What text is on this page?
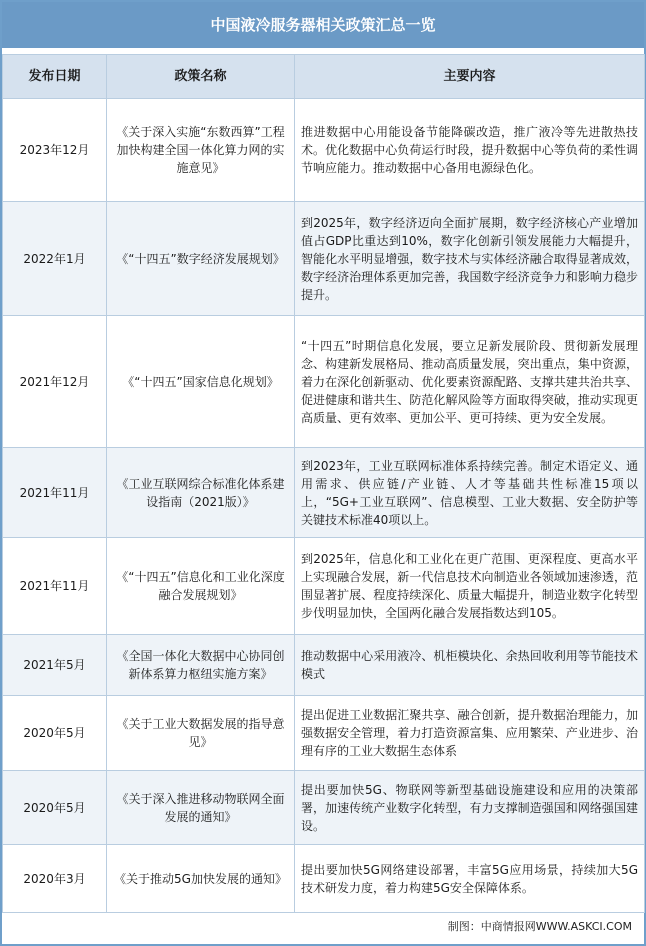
中国液冷服务器相关政策汇总一览
发布日期	政策名称	主要内容
2023年12月	《关于深入实施“东数西算”工程加快构建全国一体化算力网的实施意见》	推进数据中心用能设备节能降碳改造，推广液冷等先进散热技术。优化数据中心负荷运行时段，提升数据中心等负荷的柔性调节响应能力。推动数据中心备用电源绿色化。
2022年1月	《“十四五”数字经济发展规划》	到2025年，数字经济迈向全面扩展期，数字经济核心产业增加值占GDP比重达到10%，数字化创新引领发展能力大幅提升，智能化水平明显增强，数字技术与实体经济融合取得显著成效，数字经济治理体系更加完善，我国数字经济竞争力和影响力稳步提升。
2021年12月	《“十四五”国家信息化规划》	“十四五”时期信息化发展，要立足新发展阶段、贯彻新发展理念、构建新发展格局、推动高质量发展，突出重点，集中资源，着力在深化创新驱动、优化要素资源配路、支撑共建共治共享、促进健康和谐共生、防范化解风险等方面取得突破，推动实现更高质量、更有效率、更加公平、更可持续、更为安全发展。
2021年11月	《工业互联网综合标准化体系建设指南（2021版）》	到2023年，工业互联网标准体系持续完善。制定术语定义、通用需求、供应链/产业链、人才等基础共性标准15项以上，“5G+工业互联网”、信息模型、工业大数据、安全防护等关键技术标准40项以上。
2021年11月	《“十四五”信息化和工业化深度融合发展规划》	到2025年，信息化和工业化在更广范围、更深程度、更高水平上实现融合发展，新一代信息技术向制造业各领域加速渗透，范围显著扩展、程度持续深化、质量大幅提升，制造业数字化转型步伐明显加快，全国两化融合发展指数达到105。
2021年5月	《全国一体化大数据中心协同创新体系算力枢纽实施方案》	推动数据中心采用液冷、机柜模块化、余热回收利用等节能技术模式
2020年5月	《关于工业大数据发展的指导意见》	提出促进工业数据汇聚共享、融合创新，提升数据治理能力，加强数据安全管理，着力打造资源富集、应用繁荣、产业进步、治理有序的工业大数据生态体系
2020年5月	《关于深入推进移动物联网全面发展的通知》	提出要加快5G、物联网等新型基础设施建设和应用的决策部署，加速传统产业数字化转型，有力支撑制造强国和网络强国建设。
2020年3月	《关于推动5G加快发展的通知》	提出要加快5G网络建设部署，丰富5G应用场景，持续加大5G技术研发力度，着力构建5G安全保障体系。
制图：中商情报网WWW.ASKCI.COM
